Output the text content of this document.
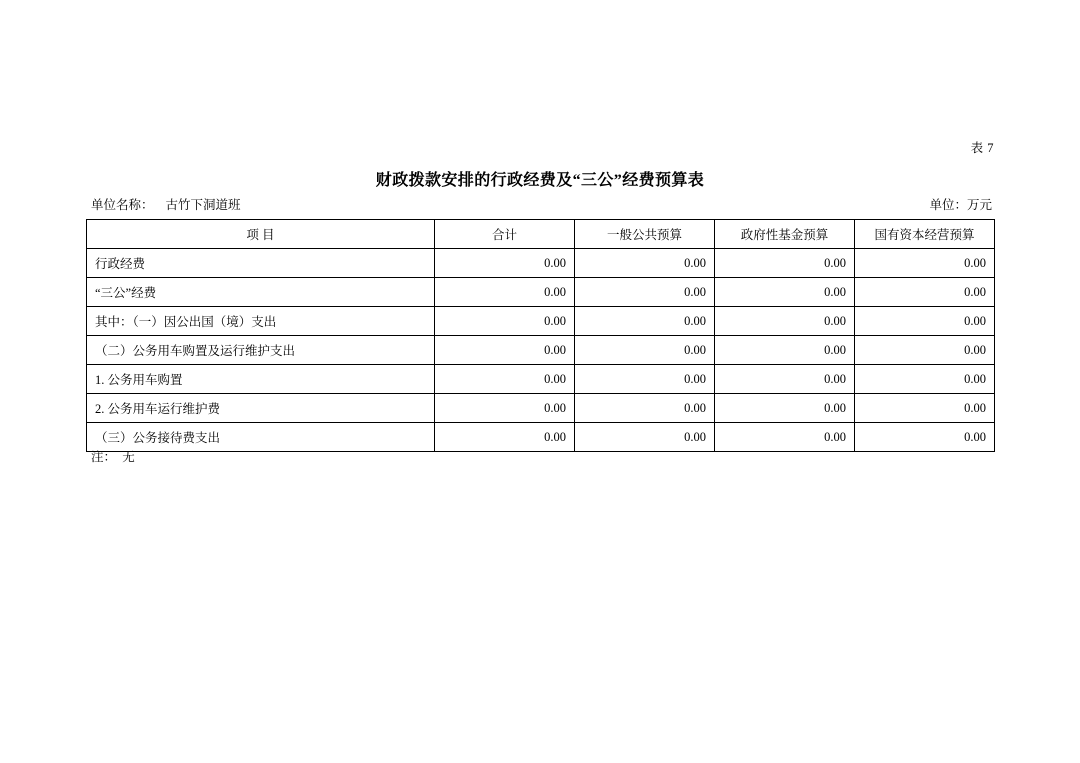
表 7
财政拨款安排的行政经费及“三公”经费预算表
单位名称： 古竹下洞道班	单位：万元
项 目	合计	一般公共预算	政府性基金预算	国有资本经营预算
行政经费	0.00	0.00	0.00	0.00
“三公”经费	0.00	0.00	0.00	0.00
其中：（一）因公出国（境）支出	0.00	0.00	0.00	0.00
（二）公务用车购置及运行维护支出	0.00	0.00	0.00	0.00
1. 公务用车购置	0.00	0.00	0.00	0.00
2. 公务用车运行维护费	0.00	0.00	0.00	0.00
（三）公务接待费支出	0.00	0.00	0.00	0.00
注：  无
